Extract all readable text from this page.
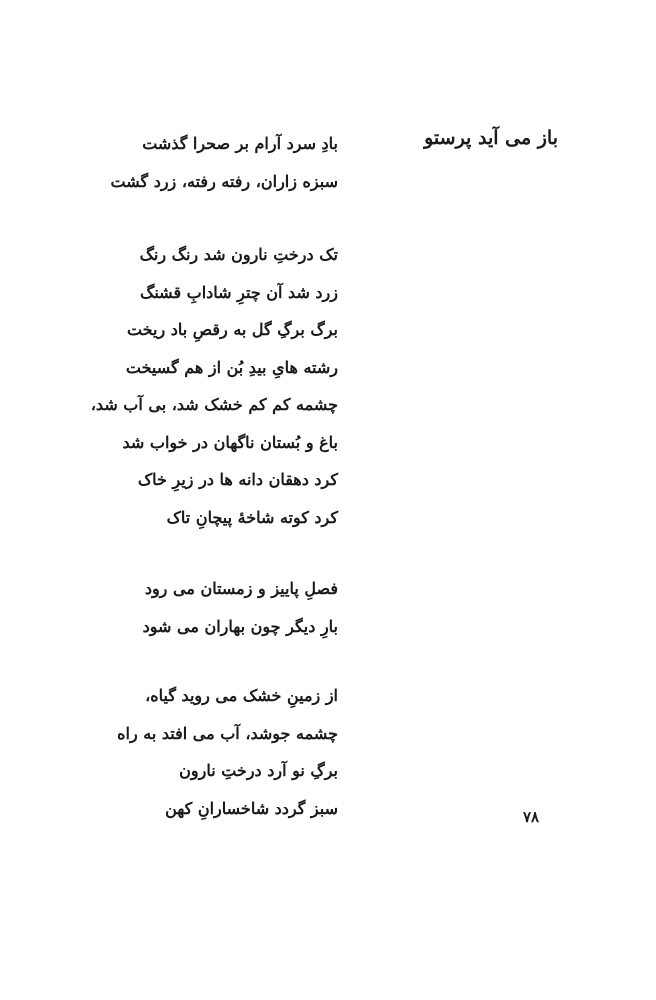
باز می آید پرستو
بادِ سرد آرام بر صحرا گذشت
سبزه زاران، رفته رفته، زرد گشت
تک درختِ نارون شد رنگ رنگ
زرد شد آن چترِ شادابِ قشنگ
برگ برگِ گل به رقصِ باد ریخت
رشته هایِ بیدِ بُن از هم گسیخت
چشمه کم کم خشک شد، بی آب شد،
باغ و بُستان ناگهان در خواب شد
کرد دهقان دانه ها در زیرِ خاک
کرد کوته شاخهٔ پیچانِ تاک
فصلِ پاییز و زمستان می رود
بارِ دیگر چون بهاران می شود
از زمینِ خشک می روید گیاه،
چشمه جوشد، آب می افتد به راه
برگِ نو آرد درختِ نارون
سبز گردد شاخسارانِ کهن	۷۸
